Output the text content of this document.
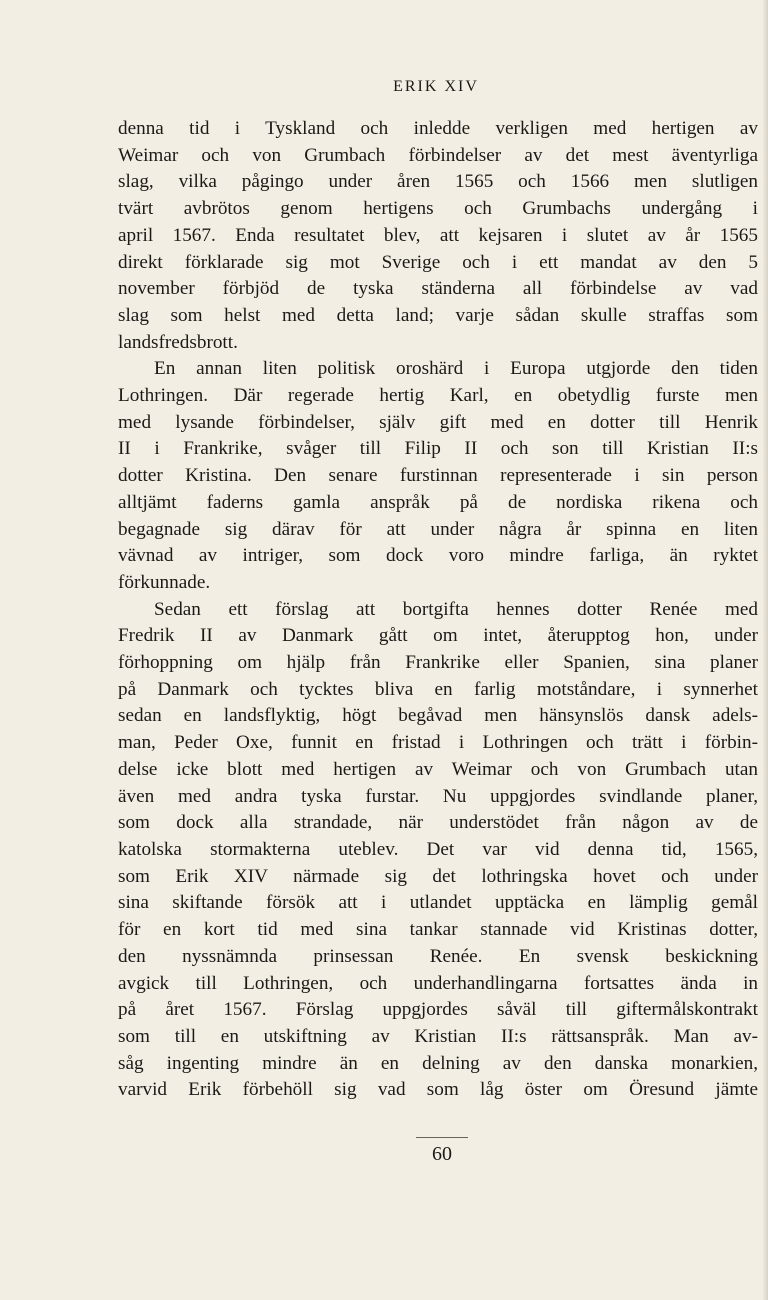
ERIK XIV
denna tid i Tyskland och inledde verkligen med hertigen av
Weimar och von Grumbach förbindelser av det mest äventyrliga
slag, vilka pågingo under åren 1565 och 1566 men slutligen
tvärt avbrötos genom hertigens och Grumbachs undergång i
april 1567. Enda resultatet blev, att kejsaren i slutet av år 1565
direkt förklarade sig mot Sverige och i ett mandat av den 5
november förbjöd de tyska ständerna all förbindelse av vad
slag som helst med detta land; varje sådan skulle straffas som
landsfredsbrott.
En annan liten politisk oroshärd i Europa utgjorde den tiden
Lothringen. Där regerade hertig Karl, en obetydlig furste men
med lysande förbindelser, själv gift med en dotter till Henrik
II i Frankrike, svåger till Filip II och son till Kristian II:s
dotter Kristina. Den senare furstinnan representerade i sin person
alltjämt faderns gamla anspråk på de nordiska rikena och
begagnade sig därav för att under några år spinna en liten
vävnad av intriger, som dock voro mindre farliga, än ryktet
förkunnade.
Sedan ett förslag att bortgifta hennes dotter Renée med
Fredrik II av Danmark gått om intet, återupptog hon, under
förhoppning om hjälp från Frankrike eller Spanien, sina planer
på Danmark och tycktes bliva en farlig motståndare, i synnerhet
sedan en landsflyktig, högt begåvad men hänsynslös dansk adels-
man, Peder Oxe, funnit en fristad i Lothringen och trätt i förbin-
delse icke blott med hertigen av Weimar och von Grumbach utan
även med andra tyska furstar. Nu uppgjordes svindlande planer,
som dock alla strandade, när understödet från någon av de
katolska stormakterna uteblev. Det var vid denna tid, 1565,
som Erik XIV närmade sig det lothringska hovet och under
sina skiftande försök att i utlandet upptäcka en lämplig gemål
för en kort tid med sina tankar stannade vid Kristinas dotter,
den nyssnämnda prinsessan Renée. En svensk beskickning
avgick till Lothringen, och underhandlingarna fortsattes ända in
på året 1567. Förslag uppgjordes såväl till giftermålskontrakt
som till en utskiftning av Kristian II:s rättsanspråk. Man av-
såg ingenting mindre än en delning av den danska monarkien,
varvid Erik förbehöll sig vad som låg öster om Öresund jämte
60
